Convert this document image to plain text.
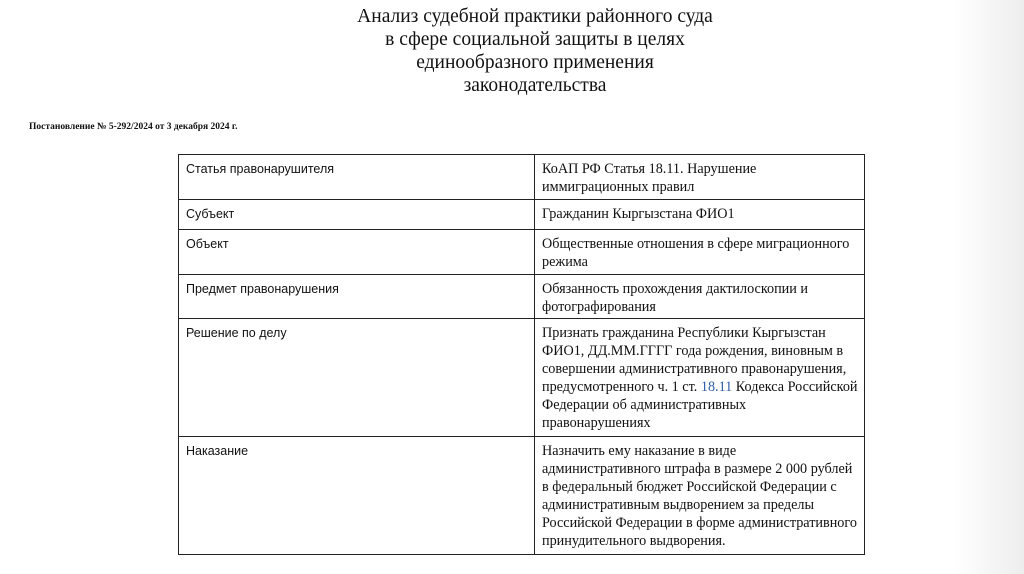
Анализ судебной практики районного суда
в сфере социальной защиты в целях
единообразного применения
законодательства
Постановление № 5-292/2024 от 3 декабря 2024 г.
Статья правонарушителя	КоАП РФ Статья 18.11. Нарушение иммиграционных правил
Субъект	Гражданин Кыргызстана ФИО1
Объект	Общественные отношения в сфере миграционного режима
Предмет правонарушения	Обязанность прохождения дактилоскопии и фотографирования
Решение по делу	Признать гражданина Республики Кыргызстан ФИО1, ДД.ММ.ГГГГ года рождения, виновным в совершении административного правонарушения, предусмотренного ч. 1 ст. 18.11 Кодекса Российской Федерации об административных правонарушениях
Наказание	Назначить ему наказание в виде административного штрафа в размере 2 000 рублей в федеральный бюджет Российской Федерации с административным выдворением за пределы Российской Федерации в форме административного принудительного выдворения.
